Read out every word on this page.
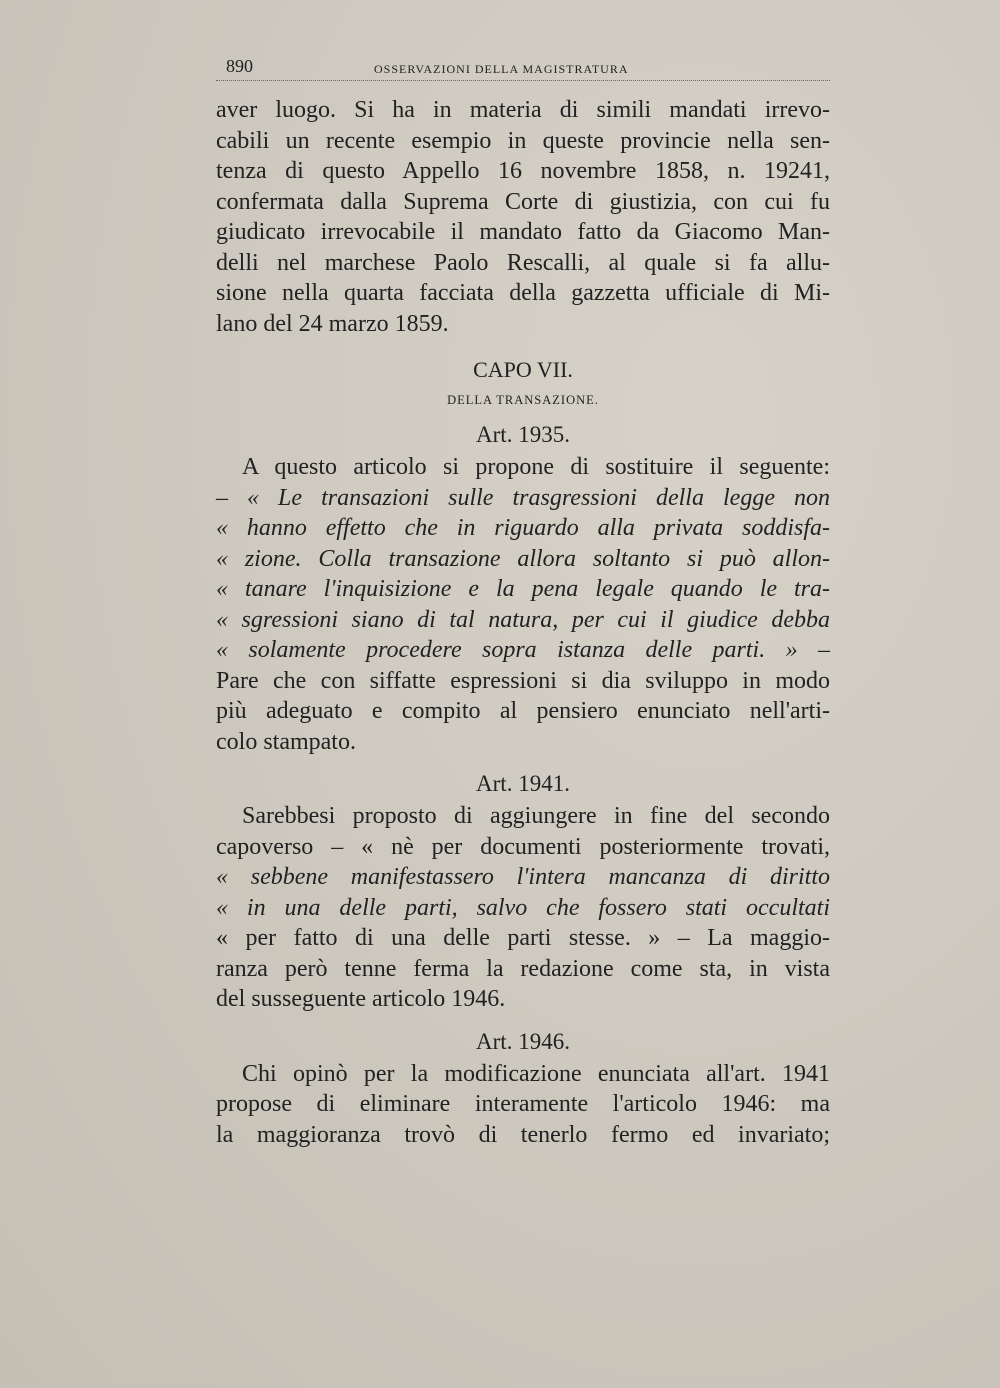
890	OSSERVAZIONI DELLA MAGISTRATURA

aver luogo. Si ha in materia di simili mandati irrevo-
cabili un recente esempio in queste provincie nella sen-
tenza di questo Appello 16 novembre 1858, n. 19241,
confermata dalla Suprema Corte di giustizia, con cui fu
giudicato irrevocabile il mandato fatto da Giacomo Man-
delli nel marchese Paolo Rescalli, al quale si fa allu-
sione nella quarta facciata della gazzetta ufficiale di Mi-
lano del 24 marzo 1859.

CAPO VII.
DELLA TRANSAZIONE.
Art. 1935.

A questo articolo si propone di sostituire il seguente:
– « Le transazioni sulle trasgressioni della legge non
« hanno effetto che in riguardo alla privata soddisfa-
« zione. Colla transazione allora soltanto si può allon-
« tanare l'inquisizione e la pena legale quando le tra-
« sgressioni siano di tal natura, per cui il giudice debba
« solamente procedere sopra istanza delle parti. » –
Pare che con siffatte espressioni si dia sviluppo in modo
più adeguato e compito al pensiero enunciato nell'arti-
colo stampato.

Art. 1941.

Sarebbesi proposto di aggiungere in fine del secondo
capoverso – « nè per documenti posteriormente trovati,
« sebbene manifestassero l'intera mancanza di diritto
« in una delle parti, salvo che fossero stati occultati
« per fatto di una delle parti stesse. » – La maggio-
ranza però tenne ferma la redazione come sta, in vista
del susseguente articolo 1946.

Art. 1946.

Chi opinò per la modificazione enunciata all'art. 1941
propose di eliminare interamente l'articolo 1946: ma
la maggioranza trovò di tenerlo fermo ed invariato;
